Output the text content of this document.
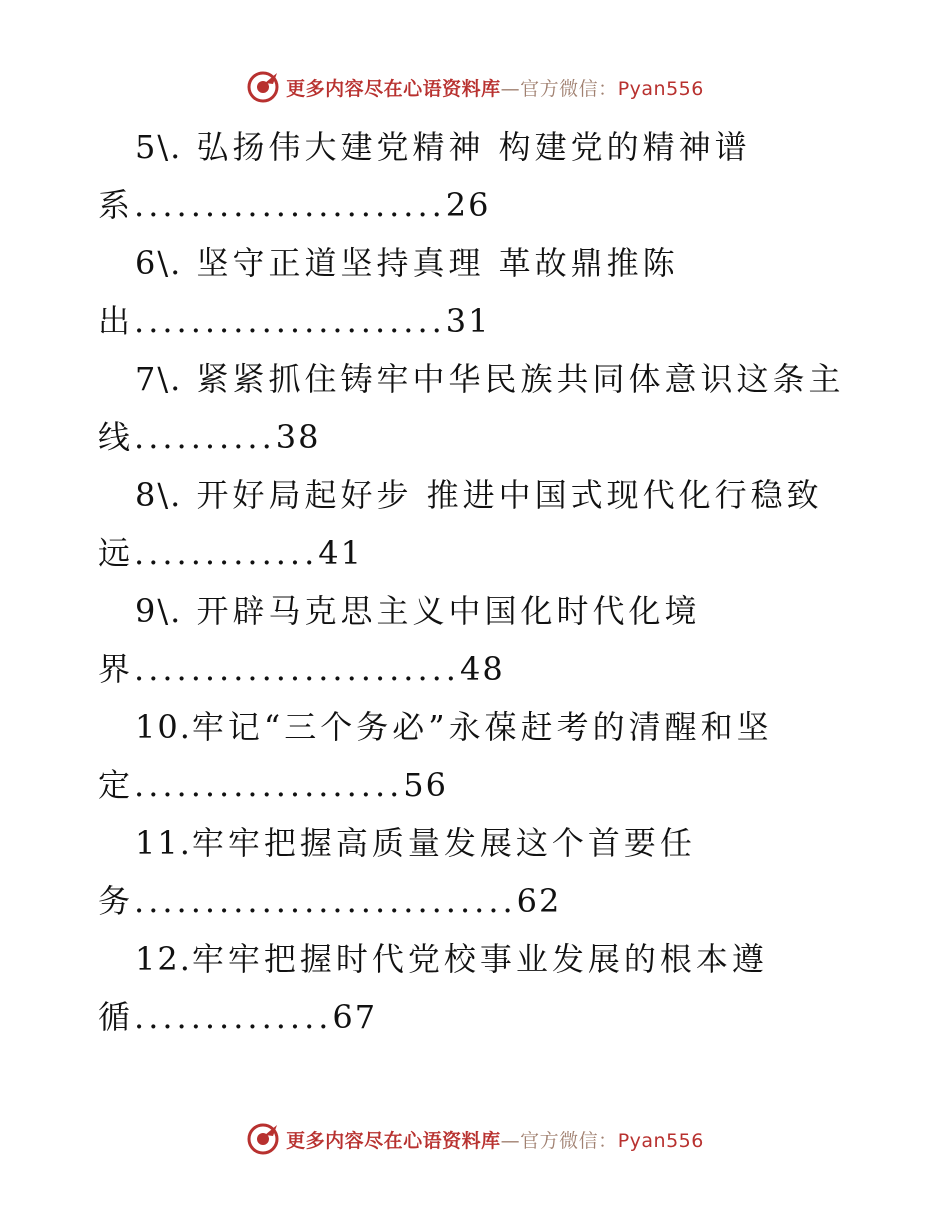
更多内容尽在心语资料库 —官方微信： Pyan556
5\. 弘扬伟大建党精神 构建党的精神谱
系......................26
6\. 坚守正道坚持真理 革故鼎推陈
出......................31
7\. 紧紧抓住铸牢中华民族共同体意识这条主
线..........38
8\. 开好局起好步 推进中国式现代化行稳致
远.............41
9\. 开辟马克思主义中国化时代化境
界.......................48
10.牢记“三个务必”永葆赶考的清醒和坚
定...................56
11.牢牢把握高质量发展这个首要任
务...........................62
12.牢牢把握时代党校事业发展的根本遵
循..............67
更多内容尽在心语资料库 —官方微信： Pyan556
